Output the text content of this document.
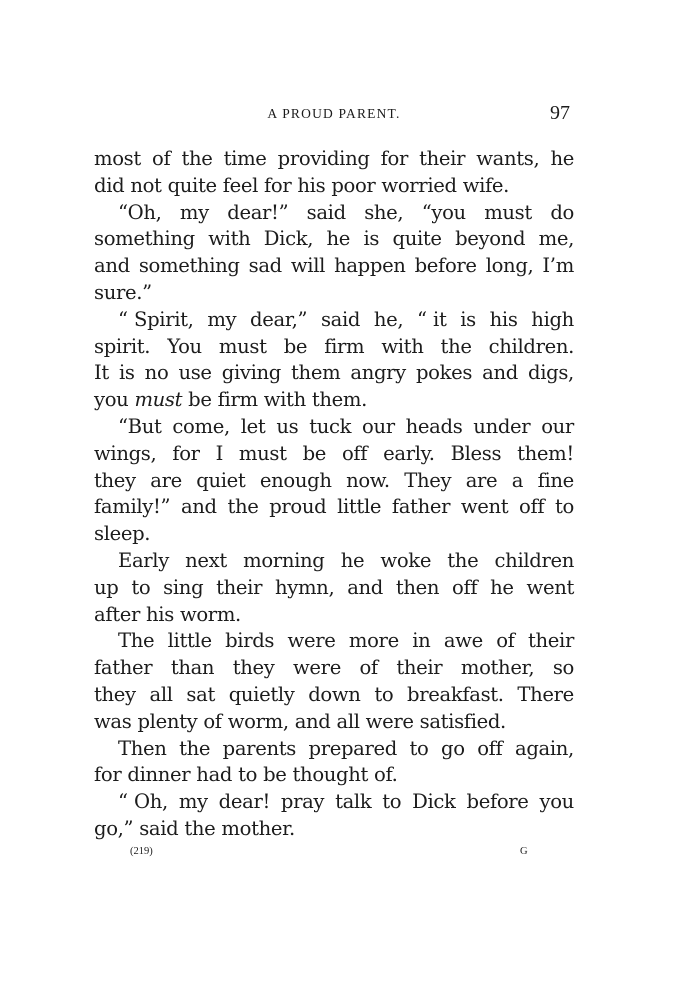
A PROUD PARENT.	97
most of the time providing for their wants, he
did not quite feel for his poor worried wife.
“Oh, my dear!” said she, “you must do
something with Dick, he is quite beyond me,
and something sad will happen before long, I’m
sure.”
“ Spirit, my dear,” said he, “ it is his high
spirit. You must be firm with the children.
It is no use giving them angry pokes and digs,
you must be firm with them.
“But come, let us tuck our heads under our
wings, for I must be off early. Bless them!
they are quiet enough now. They are a fine
family!” and the proud little father went off to
sleep.
Early next morning he woke the children
up to sing their hymn, and then off he went
after his worm.
The little birds were more in awe of their
father than they were of their mother, so
they all sat quietly down to breakfast. There
was plenty of worm, and all were satisfied.
Then the parents prepared to go off again,
for dinner had to be thought of.
“ Oh, my dear! pray talk to Dick before you
go,” said the mother.
(219)	G
